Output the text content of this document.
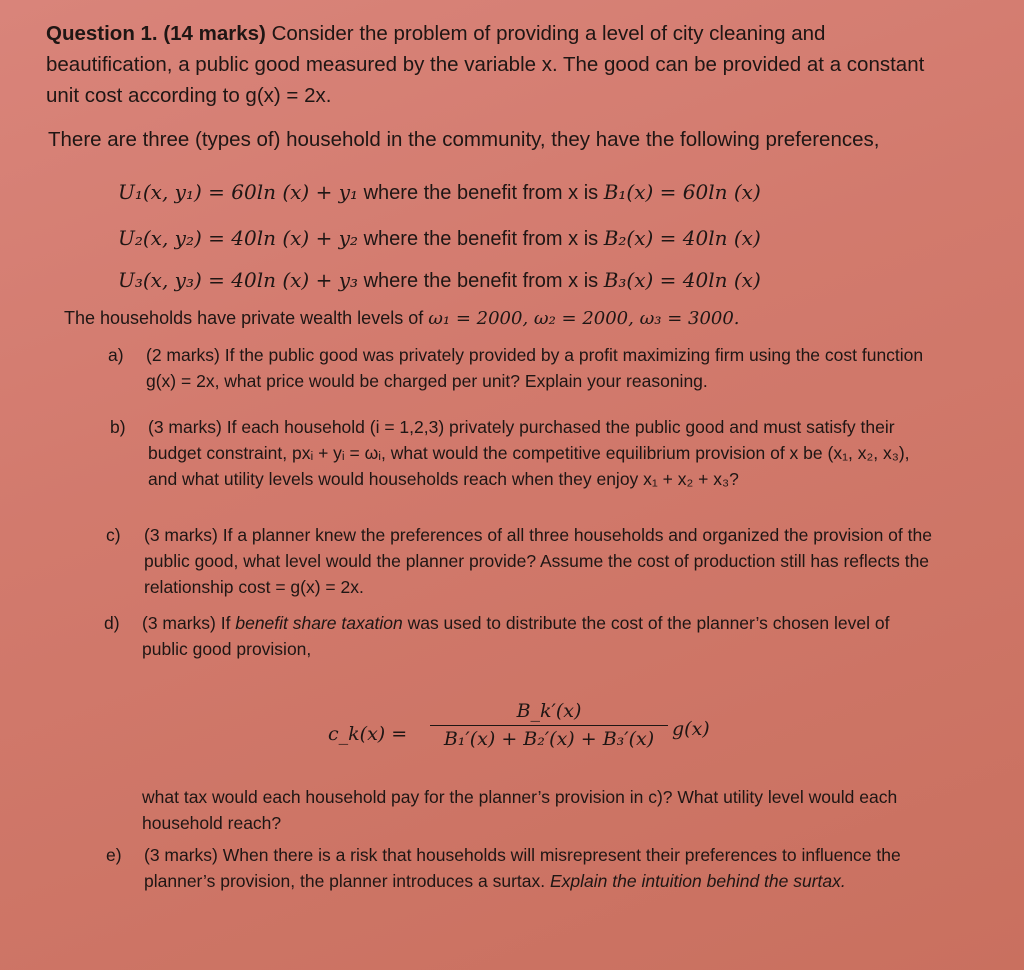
Question 1. (14 marks) Consider the problem of providing a level of city cleaning and beautification, a public good measured by the variable x. The good can be provided at a constant unit cost according to g(x) = 2x.
There are three (types of) household in the community, they have the following preferences,
U₁(x, y₁) = 60ln (x) + y₁ where the benefit from x is B₁(x) = 60ln (x)
U₂(x, y₂) = 40ln (x) + y₂ where the benefit from x is B₂(x) = 40ln (x)
U₃(x, y₃) = 40ln (x) + y₃ where the benefit from x is B₃(x) = 40ln (x)
The households have private wealth levels of ω₁ = 2000, ω₂ = 2000, ω₃ = 3000.
a) (2 marks) If the public good was privately provided by a profit maximizing firm using the cost function g(x) = 2x, what price would be charged per unit? Explain your reasoning.
b) (3 marks) If each household (i = 1,2,3) privately purchased the public good and must satisfy their budget constraint, pxᵢ + yᵢ = ωᵢ, what would the competitive equilibrium provision of x be (x₁, x₂, x₃), and what utility levels would households reach when they enjoy x₁ + x₂ + x₃?
c) (3 marks) If a planner knew the preferences of all three households and organized the provision of the public good, what level would the planner provide? Assume the cost of production still has reflects the relationship cost = g(x) = 2x.
d) (3 marks) If benefit share taxation was used to distribute the cost of the planner’s chosen level of public good provision,
c_k(x) = $\frac{B\_k'(x)}{\text{B₁′(x) + B₂′(x) + B₃′(x)}} g(x)$
what tax would each household pay for the planner’s provision in c)? What utility level would each household reach?
e) (3 marks) When there is a risk that households will misrepresent their preferences to influence the planner’s provision, the planner introduces a surtax. Explain the intuition behind the surtax.
